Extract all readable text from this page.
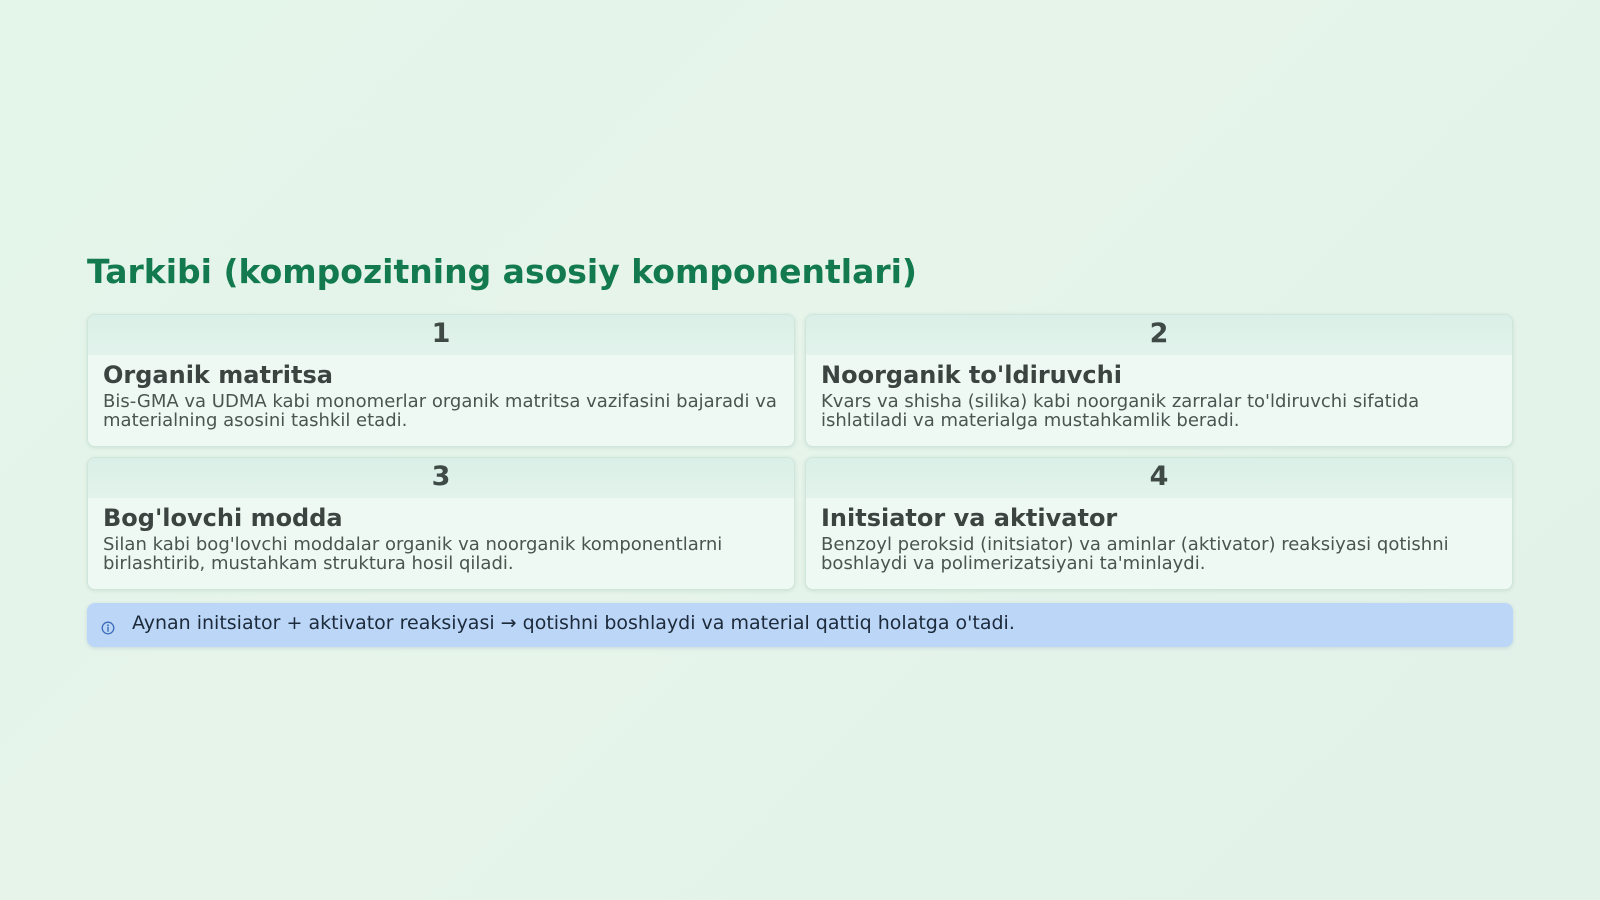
Tarkibi (kompozitning asosiy komponentlari)
1
Organik matritsa

Bis-GMA va UDMA kabi monomerlar organik matritsa vazifasini bajaradi va materialning asosini tashkil etadi.

2
Noorganik to'ldiruvchi

Kvars va shisha (silika) kabi noorganik zarralar to'ldiruvchi sifatida ishlatiladi va materialga mustahkamlik beradi.

3
Bog'lovchi modda

Silan kabi bog'lovchi moddalar organik va noorganik komponentlarni birlashtirib, mustahkam struktura hosil qiladi.

4
Initsiator va aktivator

Benzoyl peroksid (initsiator) va aminlar (aktivator) reaksiyasi qotishni boshlaydi va polimerizatsiyani ta'minlaydi.

Aynan initsiator + aktivator reaksiyasi → qotishni boshlaydi va material qattiq holatga o'tadi.
